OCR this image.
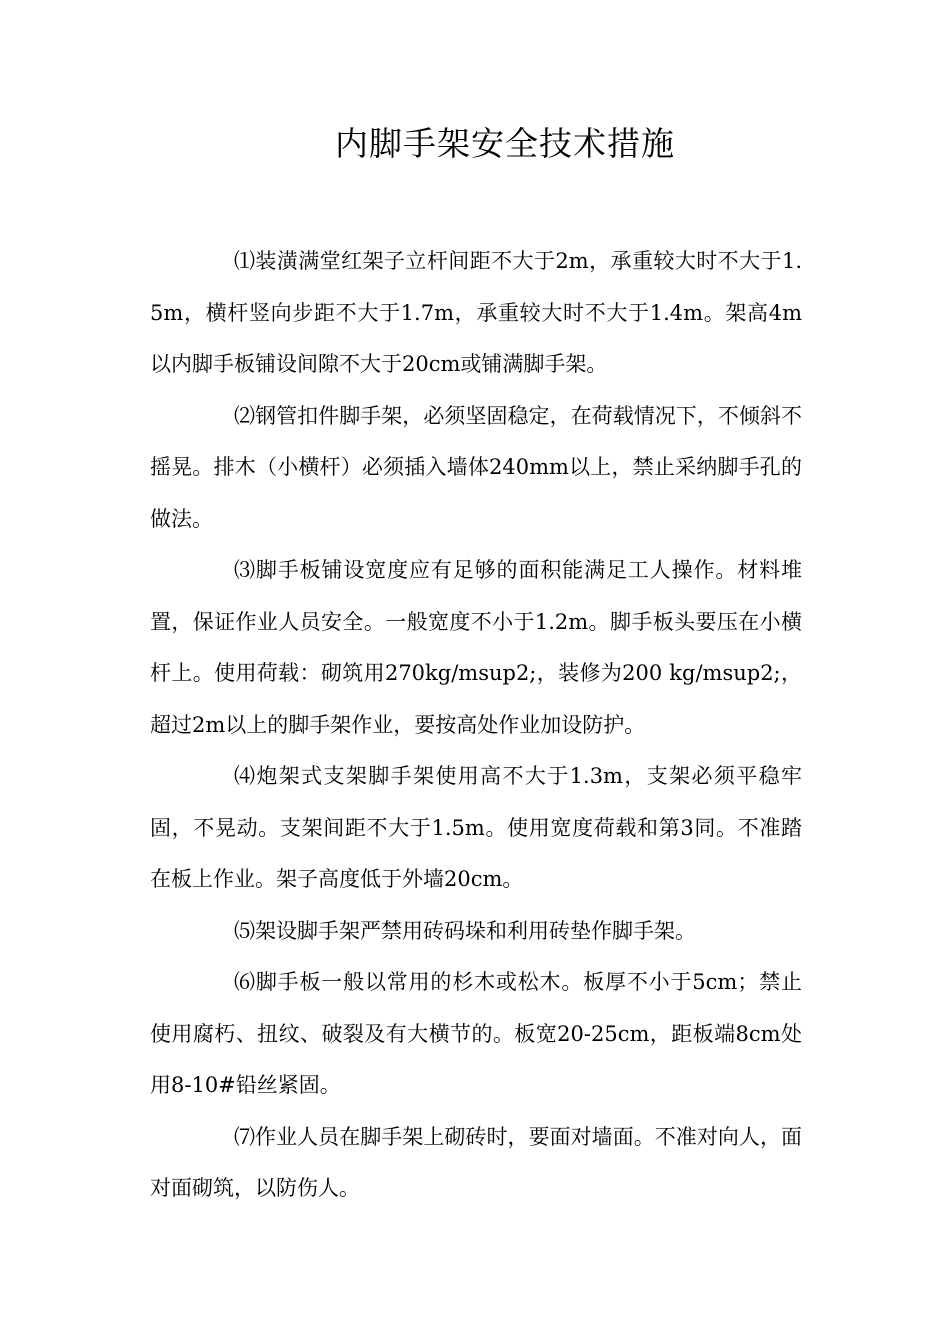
内脚手架安全技术措施

⑴装潢满堂红架子立杆间距不大于2m，承重较大时不大于1.5m，横杆竖向步距不大于1.7m，承重较大时不大于1.4m。架高4m以内脚手板铺设间隙不大于20cm或铺满脚手架。

⑵钢管扣件脚手架，必须坚固稳定，在荷载情况下，不倾斜不摇晃。排木（小横杆）必须插入墙体240mm以上，禁止采纳脚手孔的做法。

⑶脚手板铺设宽度应有足够的面积能满足工人操作。材料堆置，保证作业人员安全。一般宽度不小于1.2m。脚手板头要压在小横杆上。使用荷载：砌筑用270kg/msup2;，装修为200 kg/msup2;，超过2m以上的脚手架作业，要按高处作业加设防护。

⑷炮架式支架脚手架使用高不大于1.3m，支架必须平稳牢固，不晃动。支架间距不大于1.5m。使用宽度荷载和第3同。不准踏在板上作业。架子高度低于外墙20cm。

⑸架设脚手架严禁用砖码垛和利用砖垫作脚手架。

⑹脚手板一般以常用的杉木或松木。板厚不小于5cm；禁止使用腐朽、扭纹、破裂及有大横节的。板宽20-25cm，距板端8cm处用8-10#铅丝紧固。

⑺作业人员在脚手架上砌砖时，要面对墙面。不准对向人，面对面砌筑，以防伤人。
